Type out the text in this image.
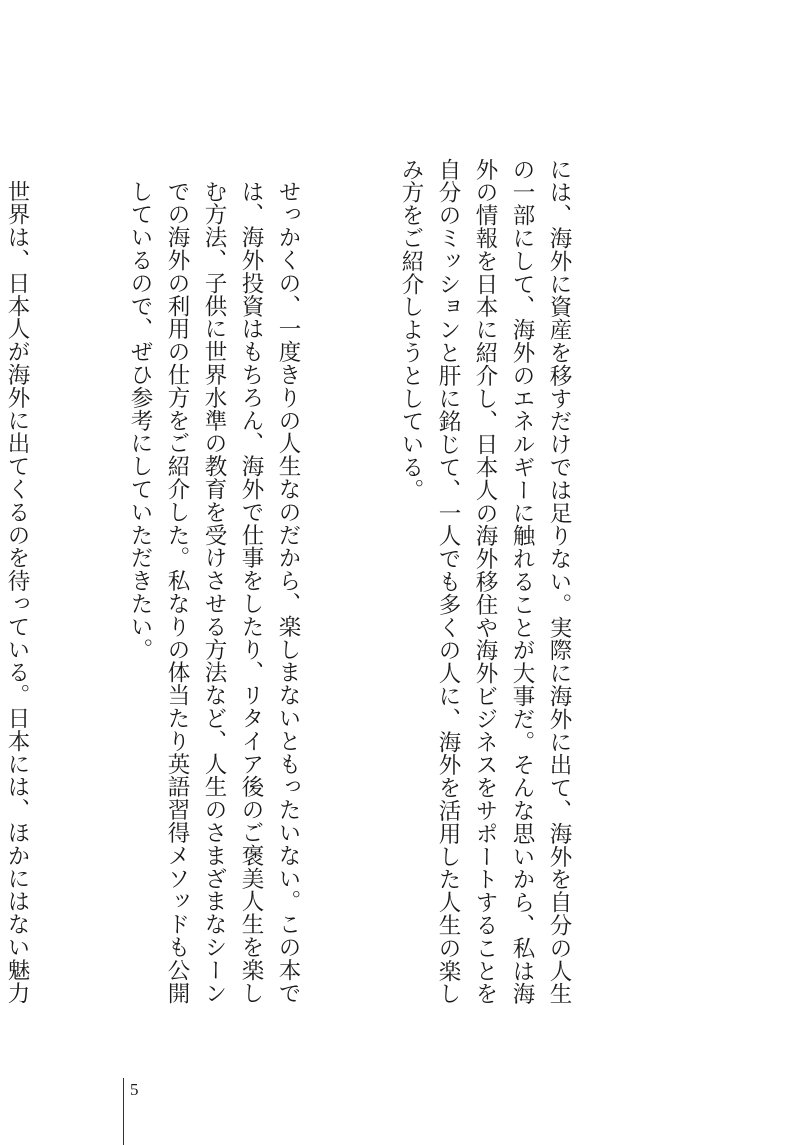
には、海外に資産を移すだけでは足りない。実際に海外に出て、海外を自分の人生の一部にして、海外のエネルギーに触れることが大事だ。そんな思いから、私は海外の情報を日本に紹介し、日本人の海外移住や海外ビジネスをサポートすることを自分のミッションと肝に銘じて、一人でも多くの人に、海外を活用した人生の楽しみ方をご紹介しようとしている。

せっかくの、一度きりの人生なのだから、楽しまないともったいない。この本では、海外投資はもちろん、海外で仕事をしたり、リタイア後のご褒美人生を楽しむ方法、子供に世界水準の教育を受けさせる方法など、人生のさまざまなシーンでの海外の利用の仕方をご紹介した。私なりの体当たり英語習得メソッドも公開しているので、ぜひ参考にしていただきたい。

世界は、日本人が海外に出てくるのを待っている。日本には、ほかにはない魅力

5
